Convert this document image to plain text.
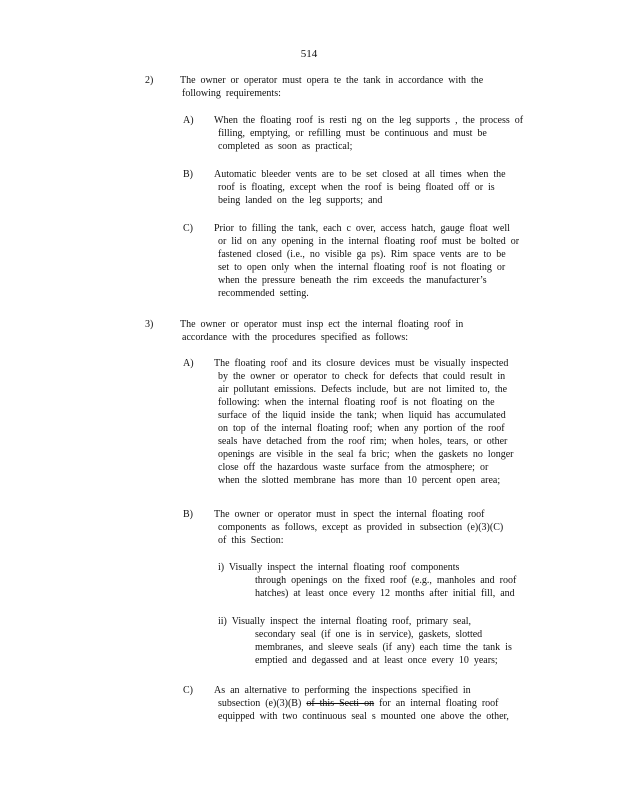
514
2)	The owner or operator must opera te the tank in accordance with the
following requirements:
A) When the floating roof is resti ng on the leg supports , the process of
filling, emptying, or refilling must be continuous and must be
completed as soon as practical;
B) Automatic bleeder vents are to be set closed at all times when the
roof is floating, except when the roof is being floated off or is
being landed on the leg supports; and
C) Prior to filling the tank, each c over, access hatch, gauge float well
or lid on any opening in the internal floating roof must be bolted or
fastened closed (i.e., no visible ga ps). Rim space vents are to be
set to open only when the internal floating roof is not floating or
when the pressure beneath the rim exceeds the manufacturer’s
recommended setting.
3)	The owner or operator must insp ect the internal floating roof in
accordance with the procedures specified as follows:
A) The floating roof and its closure devices must be visually inspected
by the owner or operator to check for defects that could result in
air pollutant emissions. Defects include, but are not limited to, the
following: when the internal floating roof is not floating on the
surface of the liquid inside the tank; when liquid has accumulated
on top of the internal floating roof; when any portion of the roof
seals have detached from the roof rim; when holes, tears, or other
openings are visible in the seal fa bric; when the gaskets no longer
close off the hazardous waste surface from the atmosphere; or
when the slotted membrane has more than 10 percent open area;
B) The owner or operator must in spect the internal floating roof
components as follows, except as provided in subsection (e)(3)(C)
of this Section:
i) Visually inspect the internal floating roof components
through openings on the fixed roof (e.g., manholes and roof
hatches) at least once every 12 months after initial fill, and
ii) Visually inspect the internal floating roof, primary seal,
secondary seal (if one is in service), gaskets, slotted
membranes, and sleeve seals (if any) each time the tank is
emptied and degassed and at least once every 10 years;
C) As an alternative to performing the inspections specified in
subsection (e)(3)(B) of this Secti on for an internal floating roof
equipped with two continuous seal s mounted one above the other,
